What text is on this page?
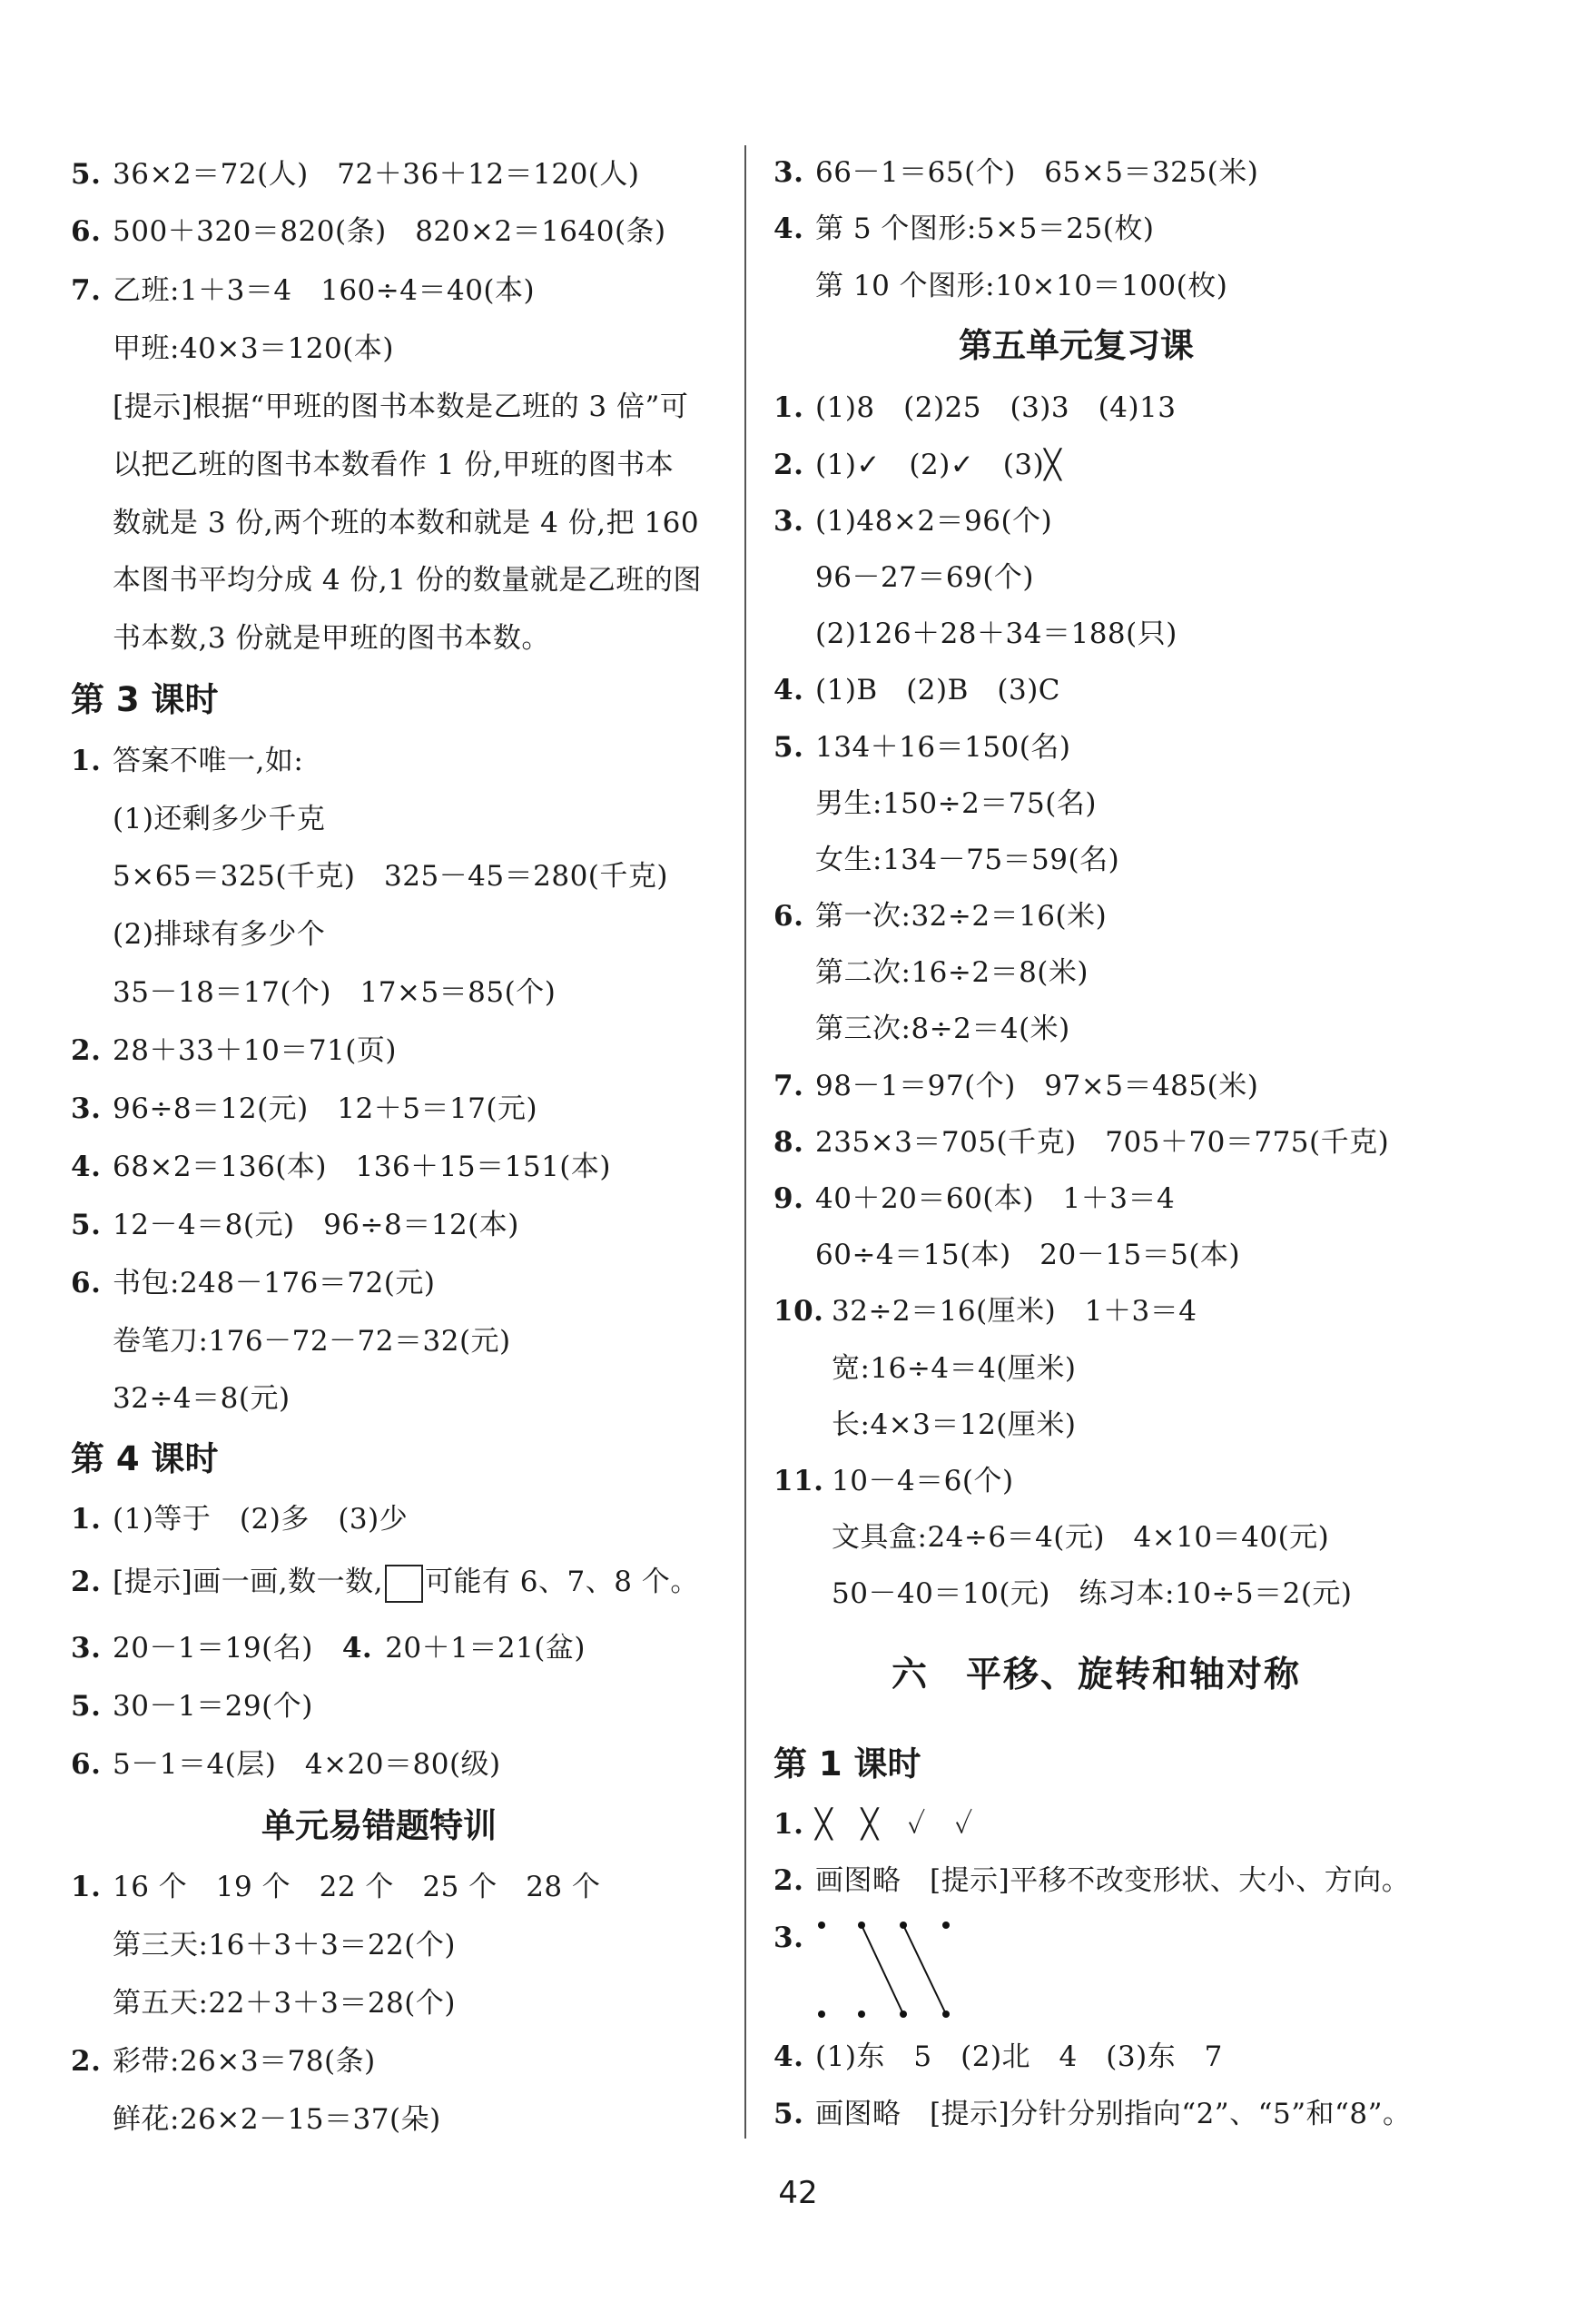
5. 36×2＝72(人)　72＋36＋12＝120(人)
6. 500＋320＝820(条)　820×2＝1640(条)
7. 乙班:1＋3＝4　160÷4＝40(本)
甲班:40×3＝120(本)
[提示]根据“甲班的图书本数是乙班的 3 倍”可
以把乙班的图书本数看作 1 份,甲班的图书本
数就是 3 份,两个班的本数和就是 4 份,把 160
本图书平均分成 4 份,1 份的数量就是乙班的图
书本数,3 份就是甲班的图书本数。
第 3 课时
1. 答案不唯一,如:
(1)还剩多少千克
5×65＝325(千克)　325－45＝280(千克)
(2)排球有多少个
35－18＝17(个)　17×5＝85(个)
2. 28＋33＋10＝71(页)
3. 96÷8＝12(元)　12＋5＝17(元)
4. 68×2＝136(本)　136＋15＝151(本)
5. 12－4＝8(元)　96÷8＝12(本)
6. 书包:248－176＝72(元)
卷笔刀:176－72－72＝32(元)
32÷4＝8(元)
第 4 课时
1. (1)等于　(2)多　(3)少
2. [提示]画一画,数一数, 可能有 6、7、8 个。
3. 20－1＝19(名) 4. 20＋1＝21(盆)
5. 30－1＝29(个)
6. 5－1＝4(层)　4×20＝80(级)
单元易错题特训
1. 16 个　19 个　22 个　25 个　28 个
第三天:16＋3＋3＝22(个)
第五天:22＋3＋3＝28(个)
2. 彩带:26×3＝78(条)
鲜花:26×2－15＝37(朵)
3. 66－1＝65(个)　65×5＝325(米)
4. 第 5 个图形:5×5＝25(枚)
第 10 个图形:10×10＝100(枚)
第五单元复习课
1. (1)8　(2)25　(3)3　(4)13
2. (1)✓　(2)✓　(3)╳
3. (1)48×2＝96(个)
96－27＝69(个)
(2)126＋28＋34＝188(只)
4. (1)B　(2)B　(3)C
5. 134＋16＝150(名)
男生:150÷2＝75(名)
女生:134－75＝59(名)
6. 第一次:32÷2＝16(米)
第二次:16÷2＝8(米)
第三次:8÷2＝4(米)
7. 98－1＝97(个)　97×5＝485(米)
8. 235×3＝705(千克)　705＋70＝775(千克)
9. 40＋20＝60(本)　1＋3＝4
60÷4＝15(本)　20－15＝5(本)
10. 32÷2＝16(厘米)　1＋3＝4
宽:16÷4＝4(厘米)
长:4×3＝12(厘米)
11. 10－4＝6(个)
文具盒:24÷6＝4(元)　4×10＝40(元)
50－40＝10(元)　练习本:10÷5＝2(元)
六　平移、旋转和轴对称
第 1 课时
1. ╳　╳　✓　✓
2. 画图略　[提示]平移不改变形状、大小、方向。
3.
4. (1)东　5　(2)北　4　(3)东　7
5. 画图略　[提示]分针分别指向“2”、“5”和“8”。
42
